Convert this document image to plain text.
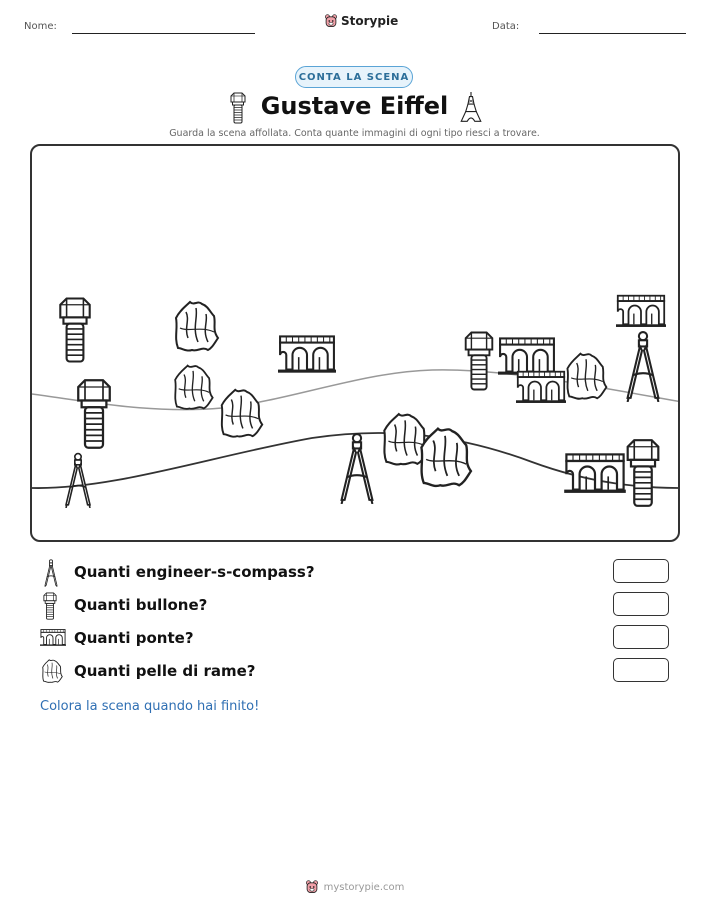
Nome:	Storypie	Data:
CONTA LA SCENA
Gustave Eiffel
Guarda la scena affollata. Conta quante immagini di ogni tipo riesci a trovare.
Quanti engineer-s-compass?
Quanti bullone?
Quanti ponte?
Quanti pelle di rame?
Colora la scena quando hai finito!
mystorypie.com
